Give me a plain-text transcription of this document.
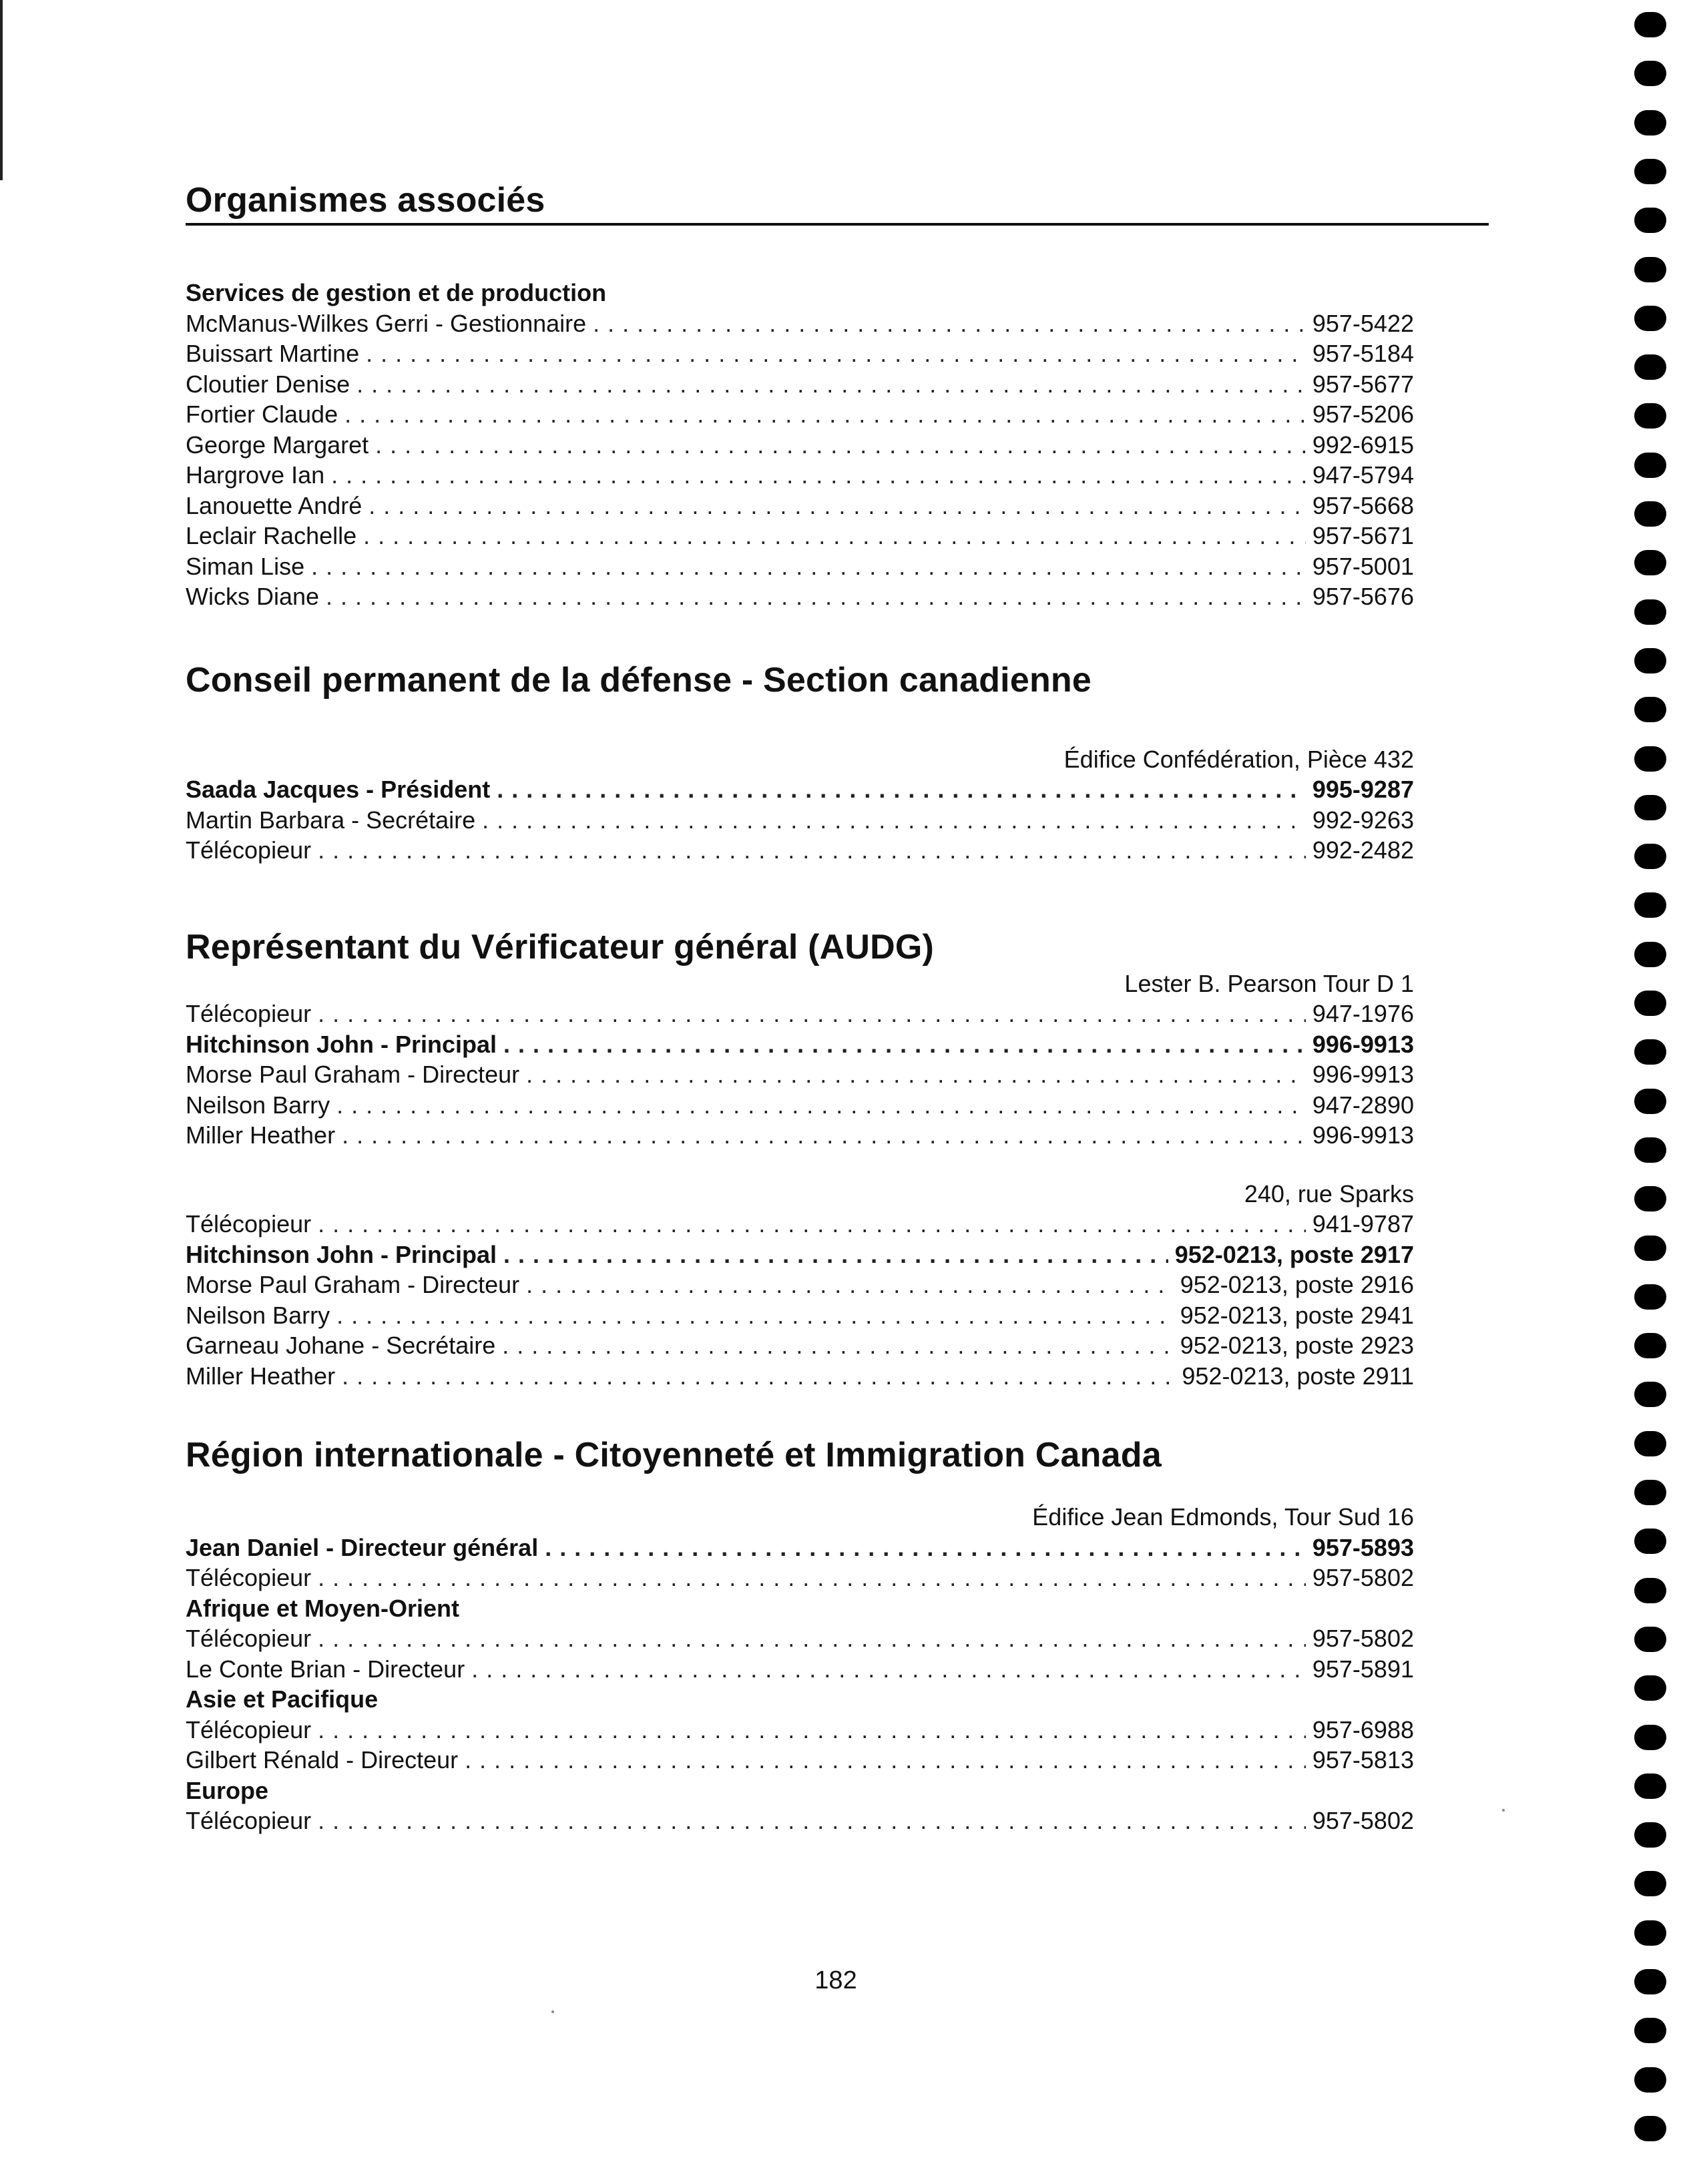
Organismes associés
Services de gestion et de production
McManus-Wilkes Gerri - Gestionnaire . . .	957-5422
Buissart Martine . . .	957-5184
Cloutier Denise . . .	957-5677
Fortier Claude . . .	957-5206
George Margaret . . .	992-6915
Hargrove Ian . . .	947-5794
Lanouette André . . .	957-5668
Leclair Rachelle . . .	957-5671
Siman Lise . . .	957-5001
Wicks Diane . . .	957-5676
Conseil permanent de la défense - Section canadienne
Édifice Confédération, Pièce 432
Saada Jacques - Président . . .	995-9287
Martin Barbara - Secrétaire . . .	992-9263
Télécopieur . . .	992-2482
Représentant du Vérificateur général (AUDG)
Lester B. Pearson Tour D 1
Télécopieur . . .	947-1976
Hitchinson John - Principal . . .	996-9913
Morse Paul Graham - Directeur . . .	996-9913
Neilson Barry . . .	947-2890
Miller Heather . . .	996-9913
240, rue Sparks
Télécopieur . . .	941-9787
Hitchinson John - Principal . . .	952-0213, poste 2917
Morse Paul Graham - Directeur . . .	952-0213, poste 2916
Neilson Barry . . .	952-0213, poste 2941
Garneau Johane - Secrétaire . . .	952-0213, poste 2923
Miller Heather . . .	952-0213, poste 2911
Région internationale - Citoyenneté et Immigration Canada
Édifice Jean Edmonds, Tour Sud 16
Jean Daniel - Directeur général . . .	957-5893
Télécopieur . . .	957-5802
Afrique et Moyen-Orient
Télécopieur . . .	957-5802
Le Conte Brian - Directeur . . .	957-5891
Asie et Pacifique
Télécopieur . . .	957-6988
Gilbert Rénald - Directeur . . .	957-5813
Europe
Télécopieur . . .	957-5802
182
